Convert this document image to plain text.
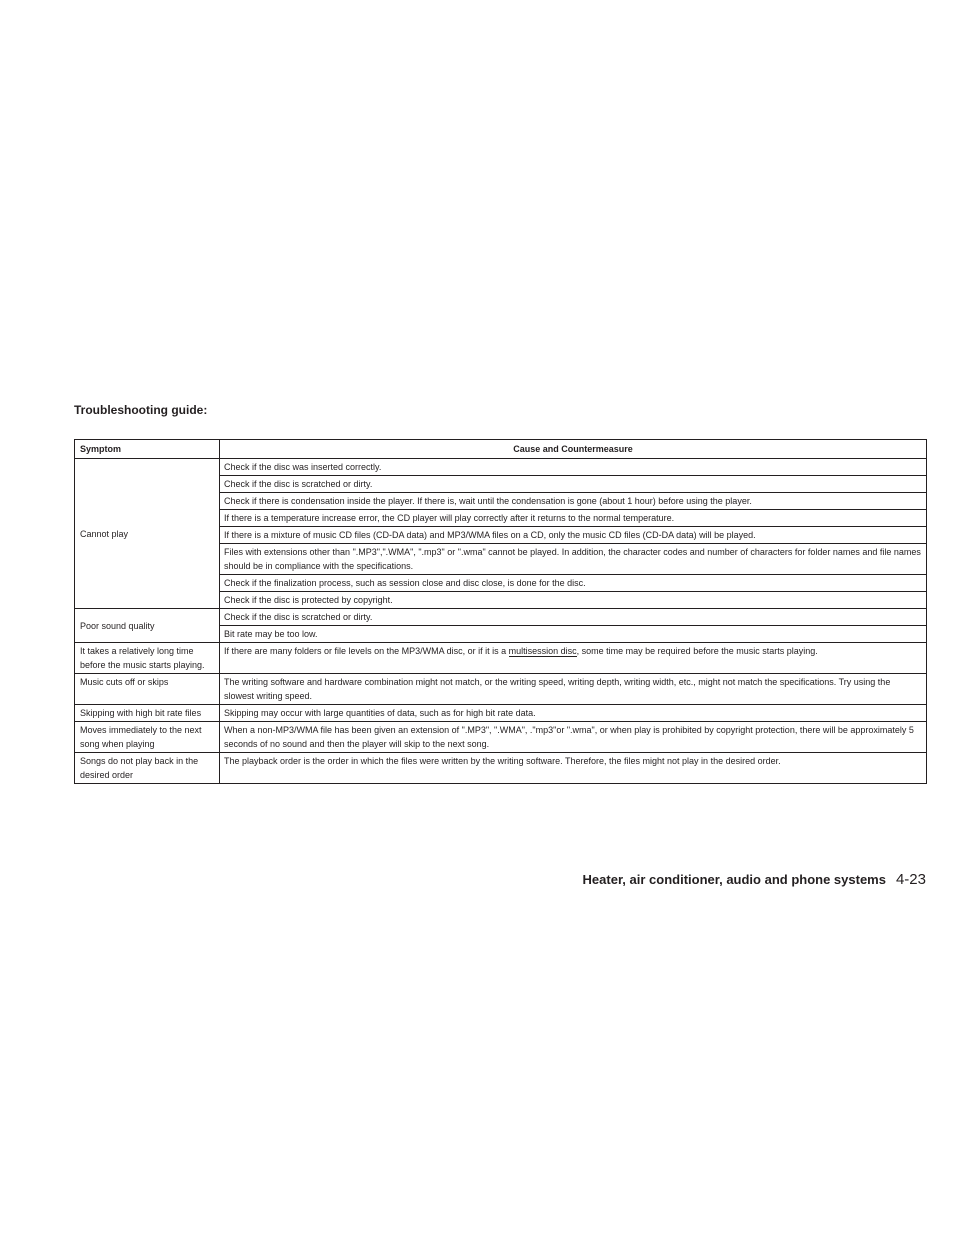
Troubleshooting guide:
Symptom	Cause and Countermeasure
Cannot play	Check if the disc was inserted correctly.
	Check if the disc is scratched or dirty.
	Check if there is condensation inside the player. If there is, wait until the condensation is gone (about 1 hour) before using the player.
	If there is a temperature increase error, the CD player will play correctly after it returns to the normal temperature.
	If there is a mixture of music CD files (CD-DA data) and MP3/WMA files on a CD, only the music CD files (CD-DA data) will be played.
	Files with extensions other than ".MP3",".WMA", ".mp3" or ".wma" cannot be played. In addition, the character codes and number of characters for folder names and file names should be in compliance with the specifications.
	Check if the finalization process, such as session close and disc close, is done for the disc.
	Check if the disc is protected by copyright.
Poor sound quality	Check if the disc is scratched or dirty.
	Bit rate may be too low.
It takes a relatively long time before the music starts playing.	If there are many folders or file levels on the MP3/WMA disc, or if it is a multisession disc, some time may be required before the music starts playing.
Music cuts off or skips	The writing software and hardware combination might not match, or the writing speed, writing depth, writing width, etc., might not match the specifications. Try using the slowest writing speed.
Skipping with high bit rate files	Skipping may occur with large quantities of data, such as for high bit rate data.
Moves immediately to the next song when playing	When a non-MP3/WMA file has been given an extension of ".MP3", ".WMA", ."mp3"or ".wma", or when play is prohibited by copyright protection, there will be approximately 5 seconds of no sound and then the player will skip to the next song.
Songs do not play back in the desired order	The playback order is the order in which the files were written by the writing software. Therefore, the files might not play in the desired order.
Heater, air conditioner, audio and phone systems 4-23
